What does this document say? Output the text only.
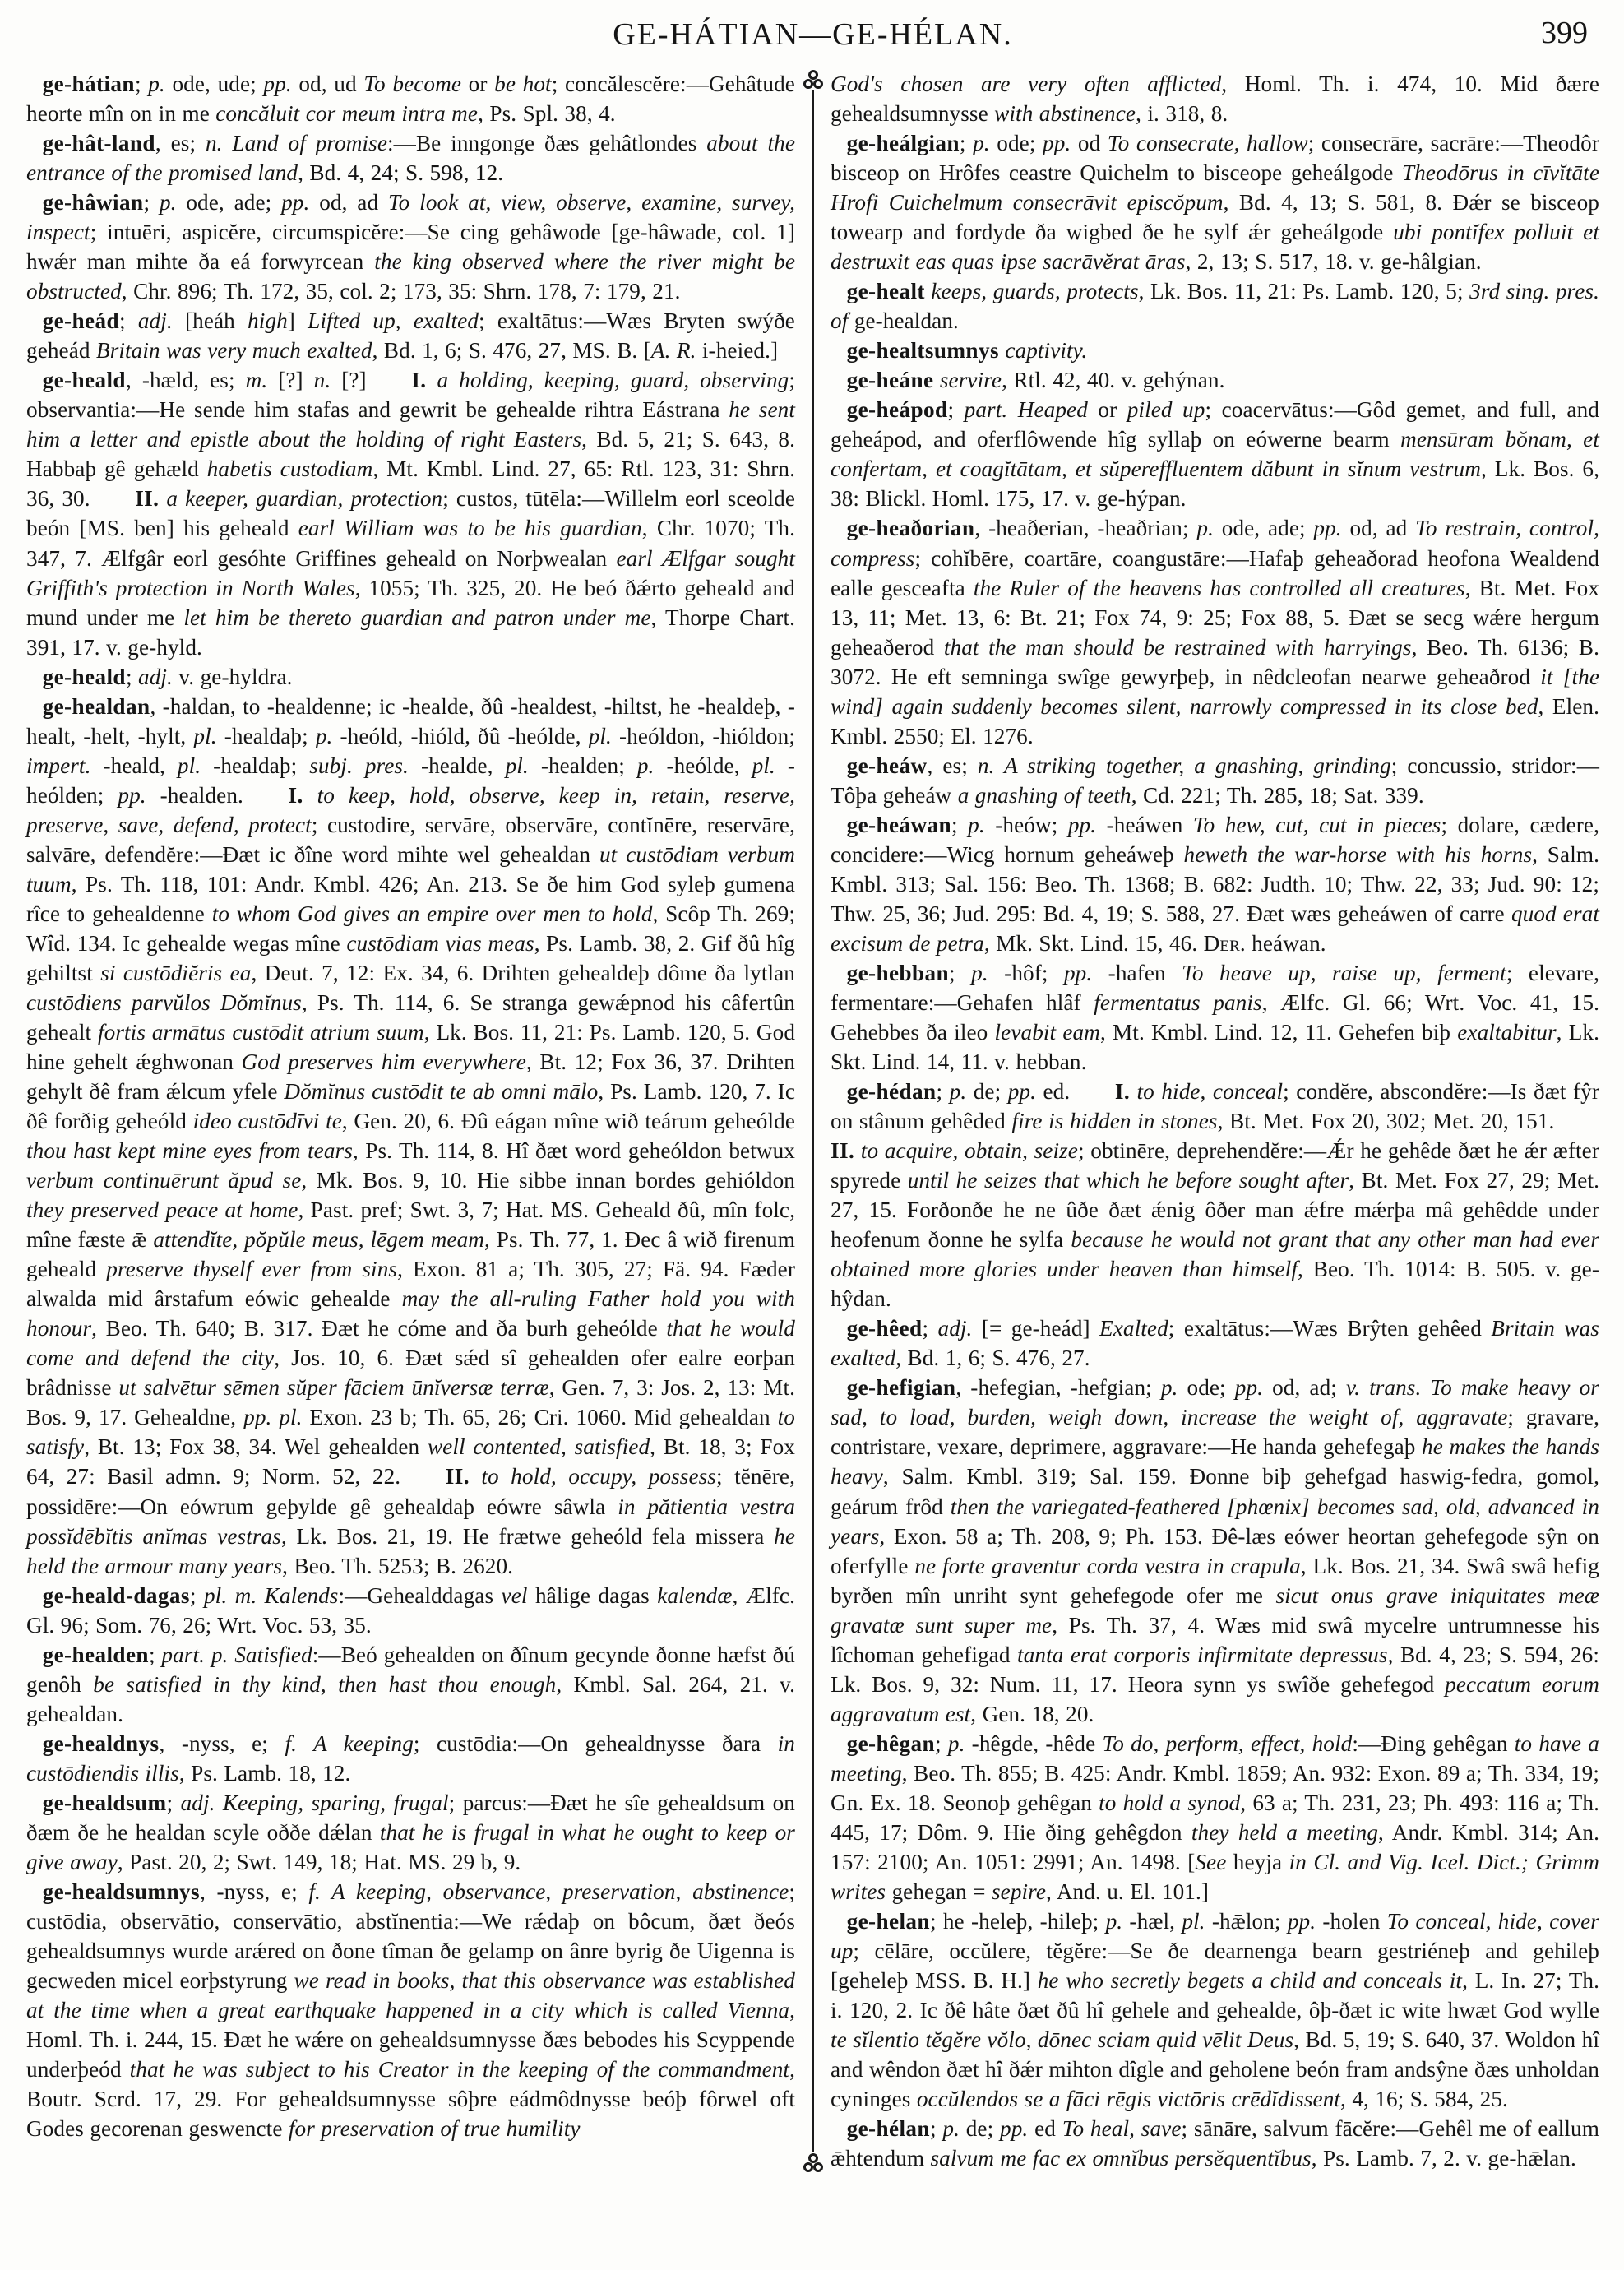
GE-HÁTIAN—GE-HÉLAN.	399

ge-hátian; p. ode, ude; pp. od, ud To become or be hot; concălescĕre:—Gehâtude heorte mîn on in me concăluit cor meum intra me, Ps. Spl. 38, 4.

ge-hât-land, es; n. Land of promise:—Be inngonge ðæs gehâtlondes about the entrance of the promised land, Bd. 4, 24; S. 598, 12.

ge-hâwian; p. ode, ade; pp. od, ad To look at, view, observe, examine, survey, inspect; intuēri, aspicĕre, circumspicĕre:—Se cing gehâwode [ge-hâwade, col. 1] hwǽr man mihte ða eá forwyrcean the king observed where the river might be obstructed, Chr. 896; Th. 172, 35, col. 2; 173, 35: Shrn. 178, 7: 179, 21.

ge-heád; adj. [heáh high] Lifted up, exalted; exaltātus:—Wæs Bryten swýðe geheád Britain was very much exalted, Bd. 1, 6; S. 476, 27, MS. B. [A. R. i-heied.]

ge-heald, -hæld, es; m. [?] n. [?]  I. a holding, keeping, guard, observing; observantia:—He sende him stafas and gewrit be gehealde rihtra Eástrana he sent him a letter and epistle about the holding of right Easters, Bd. 5, 21; S. 643, 8. Habbaþ gê gehæld habetis custodiam, Mt. Kmbl. Lind. 27, 65: Rtl. 123, 31: Shrn. 36, 30.  II. a keeper, guardian, protection; custos, tūtēla:—Willelm eorl sceolde beón [MS. ben] his geheald earl William was to be his guardian, Chr. 1070; Th. 347, 7. Ælfgâr eorl gesóhte Griffines geheald on Norþwealan earl Ælfgar sought Griffith's protection in North Wales, 1055; Th. 325, 20. He beó ðǽrto geheald and mund under me let him be thereto guardian and patron under me, Thorpe Chart. 391, 17. v. ge-hyld.

ge-heald; adj. v. ge-hyldra.

ge-healdan, -haldan, to -healdenne; ic -healde, ðû -healdest, -hiltst, he -healdeþ, -healt, -helt, -hylt, pl. -healdaþ; p. -heóld, -hióld, ðû -heólde, pl. -heóldon, -hióldon; impert. -heald, pl. -healdaþ; subj. pres. -healde, pl. -healden; p. -heólde, pl. -heólden; pp. -healden.  I. to keep, hold, observe, keep in, retain, reserve, preserve, save, defend, protect; custodire, servāre, observāre, contĭnēre, reservāre, salvāre, defendĕre:—Ðæt ic ðîne word mihte wel gehealdan ut custōdiam verbum tuum, Ps. Th. 118, 101: Andr. Kmbl. 426; An. 213. Se ðe him God syleþ gumena rîce to gehealdenne to whom God gives an empire over men to hold, Scôp Th. 269; Wîd. 134. Ic gehealde wegas mîne custōdiam vias meas, Ps. Lamb. 38, 2. Gif ðû hîg gehiltst si custōdiĕris ea, Deut. 7, 12: Ex. 34, 6. Drihten gehealdeþ dôme ða lytlan custōdiens parvŭlos Dŏmĭnus, Ps. Th. 114, 6. Se stranga gewǽpnod his câfertûn gehealt fortis armātus custōdit atrium suum, Lk. Bos. 11, 21: Ps. Lamb. 120, 5. God hine gehelt ǽghwonan God preserves him everywhere, Bt. 12; Fox 36, 37. Drihten gehylt ðê fram ǽlcum yfele Dŏmĭnus custōdit te ab omni mālo, Ps. Lamb. 120, 7. Ic ðê forðig geheóld ideo custōdīvi te, Gen. 20, 6. Ðû eágan mîne wið teárum geheólde thou hast kept mine eyes from tears, Ps. Th. 114, 8. Hî ðæt word geheóldon betwux verbum continuērunt ăpud se, Mk. Bos. 9, 10. Hie sibbe innan bordes gehióldon they preserved peace at home, Past. pref; Swt. 3, 7; Hat. MS. Geheald ðû, mîn folc, mîne fæste ǣ attendĭte, pŏpŭle meus, lēgem meam, Ps. Th. 77, 1. Ðec â wið firenum geheald preserve thyself ever from sins, Exon. 81 a; Th. 305, 27; Fä. 94. Fæder alwalda mid ârstafum eówic gehealde may the all-ruling Father hold you with honour, Beo. Th. 640; B. 317. Ðæt he cóme and ða burh geheólde that he would come and defend the city, Jos. 10, 6. Ðæt sǽd sî gehealden ofer ealre eorþan brâdnisse ut salvētur sēmen sŭper fāciem ūnĭversæ terræ, Gen. 7, 3: Jos. 2, 13: Mt. Bos. 9, 17. Gehealdne, pp. pl. Exon. 23 b; Th. 65, 26; Cri. 1060. Mid gehealdan to satisfy, Bt. 13; Fox 38, 34. Wel gehealden well contented, satisfied, Bt. 18, 3; Fox 64, 27: Basil admn. 9; Norm. 52, 22.  II. to hold, occupy, possess; tĕnēre, possidēre:—On eówrum geþylde gê gehealdaþ eówre sâwla in pătientia vestra possĭdēbĭtis anĭmas vestras, Lk. Bos. 21, 19. He frætwe geheóld fela missera he held the armour many years, Beo. Th. 5253; B. 2620.

ge-heald-dagas; pl. m. Kalends:—Gehealddagas vel hâlige dagas kalendæ, Ælfc. Gl. 96; Som. 76, 26; Wrt. Voc. 53, 35.

ge-healden; part. p. Satisfied:—Beó gehealden on ðînum gecynde ðonne hæfst ðú genôh be satisfied in thy kind, then hast thou enough, Kmbl. Sal. 264, 21. v. gehealdan.

ge-healdnys, -nyss, e; f. A keeping; custōdia:—On gehealdnysse ðara in custōdiendis illis, Ps. Lamb. 18, 12.

ge-healdsum; adj. Keeping, sparing, frugal; parcus:—Ðæt he sîe gehealdsum on ðæm ðe he healdan scyle oððe dǽlan that he is frugal in what he ought to keep or give away, Past. 20, 2; Swt. 149, 18; Hat. MS. 29 b, 9.

ge-healdsumnys, -nyss, e; f. A keeping, observance, preservation, abstinence; custōdia, observātio, conservātio, abstĭnentia:—We rǽdaþ on bôcum, ðæt ðeós gehealdsumnys wurde arǽred on ðone tîman ðe gelamp on ânre byrig ðe Uigenna is gecweden micel eorþstyrung we read in books, that this observance was established at the time when a great earthquake happened in a city which is called Vienna, Homl. Th. i. 244, 15. Ðæt he wǽre on gehealdsumnysse ðæs bebodes his Scyppende underþeód that he was subject to his Creator in the keeping of the commandment, Boutr. Scrd. 17, 29. For gehealdsumnysse sôþre eádmôdnysse beóþ fôrwel oft Godes gecorenan geswencte for preservation of true humility

God's chosen are very often afflicted, Homl. Th. i. 474, 10. Mid ðære gehealdsumnysse with abstinence, i. 318, 8.

ge-heálgian; p. ode; pp. od To consecrate, hallow; consecrāre, sacrāre:—Theodôr bisceop on Hrôfes ceastre Quichelm to bisceope geheálgode Theodōrus in cīvĭtāte Hrofi Cuichelmum consecrāvit episcŏpum, Bd. 4, 13; S. 581, 8. Ðǽr se bisceop towearp and fordyde ða wigbed ðe he sylf ǽr geheálgode ubi pontĭfex polluit et destruxit eas quas ipse sacrāvĕrat āras, 2, 13; S. 517, 18. v. ge-hâlgian.

ge-healt keeps, guards, protects, Lk. Bos. 11, 21: Ps. Lamb. 120, 5; 3rd sing. pres. of ge-healdan.

ge-healtsumnys captivity.

ge-heáne servire, Rtl. 42, 40. v. gehýnan.

ge-heápod; part. Heaped or piled up; coacervātus:—Gôd gemet, and full, and geheápod, and oferflôwende hîg syllaþ on eówerne bearm mensūram bŏnam, et confertam, et coagĭtātam, et sŭpereffluentem dăbunt in sĭnum vestrum, Lk. Bos. 6, 38: Blickl. Homl. 175, 17. v. ge-hýpan.

ge-heaðorian, -heaðerian, -heaðrian; p. ode, ade; pp. od, ad To restrain, control, compress; cohĭbēre, coartāre, coangustāre:—Hafaþ geheaðorad heofona Wealdend ealle gesceafta the Ruler of the heavens has controlled all creatures, Bt. Met. Fox 13, 11; Met. 13, 6: Bt. 21; Fox 74, 9: 25; Fox 88, 5. Ðæt se secg wǽre hergum geheaðerod that the man should be restrained with harryings, Beo. Th. 6136; B. 3072. He eft semninga swîge gewyrþeþ, in nêdcleofan nearwe geheaðrod it [the wind] again suddenly becomes silent, narrowly compressed in its close bed, Elen. Kmbl. 2550; El. 1276.

ge-heáw, es; n. A striking together, a gnashing, grinding; concussio, stridor:—Tôþa geheáw a gnashing of teeth, Cd. 221; Th. 285, 18; Sat. 339.

ge-heáwan; p. -heów; pp. -heáwen To hew, cut, cut in pieces; dolare, cædere, concidere:—Wicg hornum geheáweþ heweth the war-horse with his horns, Salm. Kmbl. 313; Sal. 156: Beo. Th. 1368; B. 682: Judth. 10; Thw. 22, 33; Jud. 90: 12; Thw. 25, 36; Jud. 295: Bd. 4, 19; S. 588, 27. Ðæt wæs geheáwen of carre quod erat excisum de petra, Mk. Skt. Lind. 15, 46. Der. heáwan.

ge-hebban; p. -hôf; pp. -hafen To heave up, raise up, ferment; elevare, fermentare:—Gehafen hlâf fermentatus panis, Ælfc. Gl. 66; Wrt. Voc. 41, 15. Gehebbes ða ileo levabit eam, Mt. Kmbl. Lind. 12, 11. Gehefen biþ exaltabitur, Lk. Skt. Lind. 14, 11. v. hebban.

ge-hédan; p. de; pp. ed.  I. to hide, conceal; condĕre, abscondĕre:—Is ðæt fŷr on stânum gehêded fire is hidden in stones, Bt. Met. Fox 20, 302; Met. 20, 151.  II. to acquire, obtain, seize; obtinēre, deprehendĕre:—Ǽr he gehêde ðæt he ǽr æfter spyrede until he seizes that which he before sought after, Bt. Met. Fox 27, 29; Met. 27, 15. Forðonðe he ne ûðe ðæt ǽnig ôðer man ǽfre mǽrþa mâ gehêdde under heofenum ðonne he sylfa because he would not grant that any other man had ever obtained more glories under heaven than himself, Beo. Th. 1014: B. 505. v. ge-hŷdan.

ge-hêed; adj. [= ge-heád] Exalted; exaltātus:—Wæs Brŷten gehêed Britain was exalted, Bd. 1, 6; S. 476, 27.

ge-hefigian, -hefegian, -hefgian; p. ode; pp. od, ad; v. trans. To make heavy or sad, to load, burden, weigh down, increase the weight of, aggravate; gravare, contristare, vexare, deprimere, aggravare:—He handa gehefegaþ he makes the hands heavy, Salm. Kmbl. 319; Sal. 159. Ðonne biþ gehefgad haswig-fedra, gomol, geárum frôd then the variegated-feathered [phœnix] becomes sad, old, advanced in years, Exon. 58 a; Th. 208, 9; Ph. 153. Ðê-læs eówer heortan gehefegode sŷn on oferfylle ne forte graventur corda vestra in crapula, Lk. Bos. 21, 34. Swâ swâ hefig byrðen mîn unriht synt gehefegode ofer me sicut onus grave iniquitates meæ gravatæ sunt super me, Ps. Th. 37, 4. Wæs mid swâ mycelre untrumnesse his lîchoman gehefigad tanta erat corporis infirmitate depressus, Bd. 4, 23; S. 594, 26: Lk. Bos. 9, 32: Num. 11, 17. Heora synn ys swîðe gehefegod peccatum eorum aggravatum est, Gen. 18, 20.

ge-hêgan; p. -hêgde, -hêde To do, perform, effect, hold:—Ðing gehêgan to have a meeting, Beo. Th. 855; B. 425: Andr. Kmbl. 1859; An. 932: Exon. 89 a; Th. 334, 19; Gn. Ex. 18. Seonoþ gehêgan to hold a synod, 63 a; Th. 231, 23; Ph. 493: 116 a; Th. 445, 17; Dôm. 9. Hie ðing gehêgdon they held a meeting, Andr. Kmbl. 314; An. 157: 2100; An. 1051: 2991; An. 1498. [See heyja in Cl. and Vig. Icel. Dict.; Grimm writes gehegan = sepire, And. u. El. 101.]

ge-helan; he -heleþ, -hileþ; p. -hæl, pl. -hǣlon; pp. -holen To conceal, hide, cover up; cēlāre, occŭlere, tĕgĕre:—Se ðe dearnenga bearn gestriéneþ and gehileþ [geheleþ MSS. B. H.] he who secretly begets a child and conceals it, L. In. 27; Th. i. 120, 2. Ic ðê hâte ðæt ðû hî gehele and gehealde, ôþ-ðæt ic wite hwæt God wylle te sĭlentio tĕgĕre vŏlo, dōnec sciam quid vēlit Deus, Bd. 5, 19; S. 640, 37. Woldon hî and wêndon ðæt hî ðǽr mihton dîgle and geholene beón fram andsŷne ðæs unholdan cyninges occŭlendos se a fāci rēgis victōris crēdĭdissent, 4, 16; S. 584, 25.

ge-hélan; p. de; pp. ed To heal, save; sānāre, salvum fācĕre:—Gehêl me of eallum ǣhtendum salvum me fac ex omnĭbus persĕquentĭbus, Ps. Lamb. 7, 2. v. ge-hǣlan.
